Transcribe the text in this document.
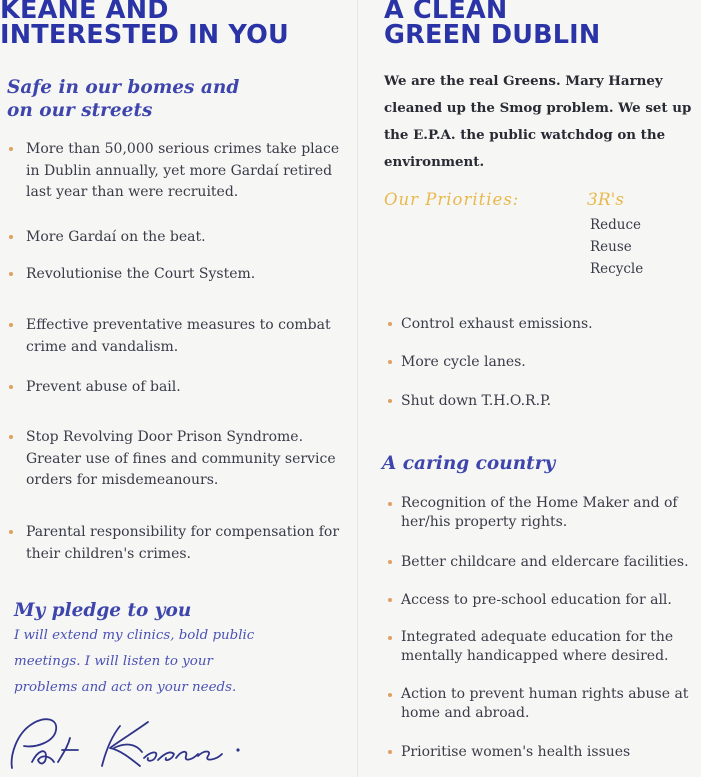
KEANE AND
INTERESTED IN YOU
Safe in our bomes and
on our streets
More than 50,000 serious crimes take place
in Dublin annually, yet more Gardaí retired
last year than were recruited.
More Gardaí on the beat.
Revolutionise the Court System.
Effective preventative measures to combat
crime and vandalism.
Prevent abuse of bail.
Stop Revolving Door Prison Syndrome.
Greater use of fines and community service
orders for misdemeanours.
Parental responsibility for compensation for
their children's crimes.
My pledge to you

I will extend my clinics, bold public
meetings. I will listen to your
problems and act on your needs.

A CLEAN
GREEN DUBLIN

We are the real Greens. Mary Harney
cleaned up the Smog problem. We set up
the E.P.A. the public watchdog on the
environment.

Our Priorities:	3R's

Reduce
Reuse
Recycle
Control exhaust emissions.
More cycle lanes.
Shut down T.H.O.R.P.
A caring country
Recognition of the Home Maker and of
her/his property rights.
Better childcare and eldercare facilities.
Access to pre-school education for all.
Integrated adequate education for the
mentally handicapped where desired.
Action to prevent human rights abuse at
home and abroad.
Prioritise women's health issues
